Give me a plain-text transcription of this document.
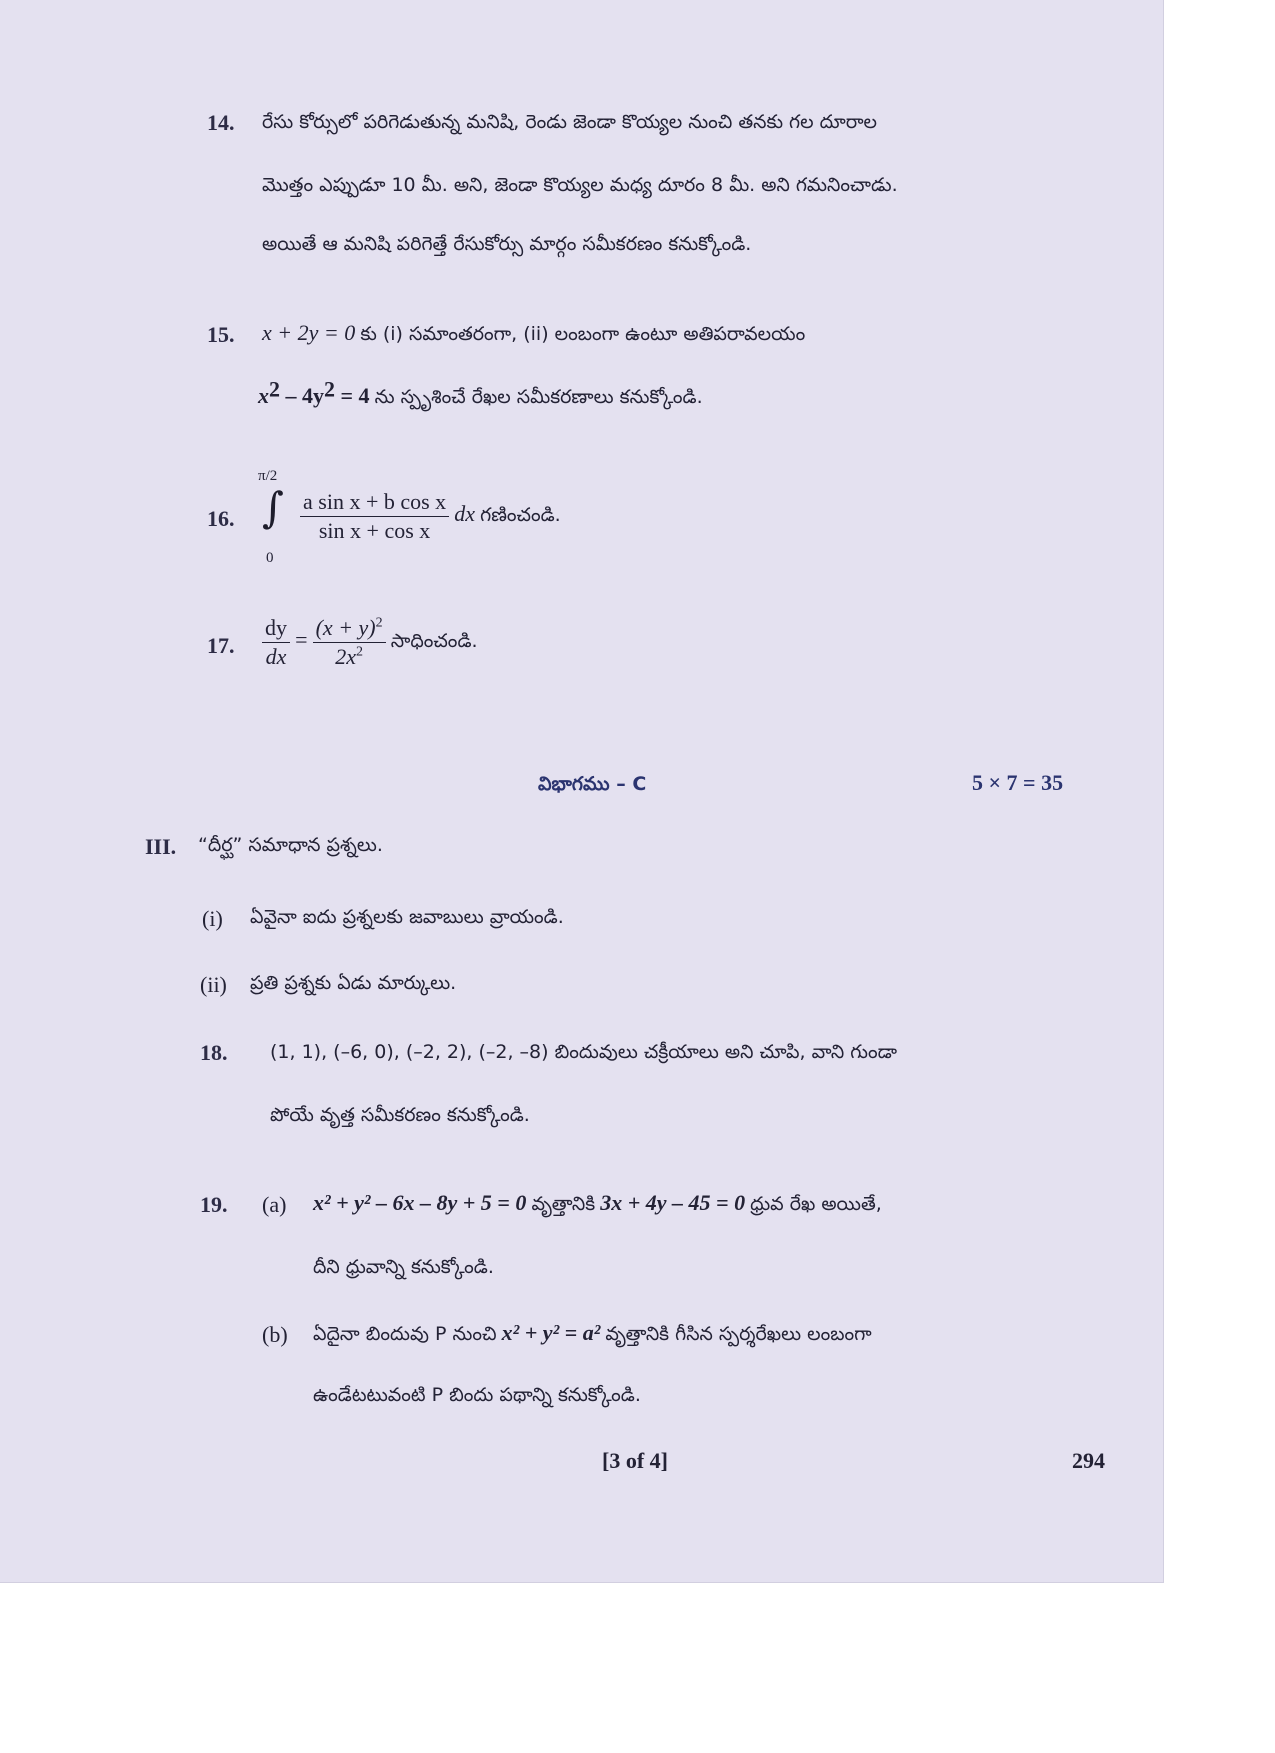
14. రేసు కోర్సులో పరిగెడుతున్న మనిషి, రెండు జెండా కొయ్యల నుంచి తనకు గల దూరాల
మొత్తం ఎప్పుడూ 10 మీ. అని, జెండా కొయ్యల మధ్య దూరం 8 మీ. అని గమనించాడు.
అయితే ఆ మనిషి పరిగెత్తే రేసుకోర్సు మార్గం సమీకరణం కనుక్కోండి.
15. x + 2y = 0 కు (i) సమాంతరంగా, (ii) లంబంగా ఉంటూ అతిపరావలయం
$x^2 - 4y^2 = 4$ ను స్పృశించే రేఖల సమీకరణాలు కనుక్కోండి.
16.
π/2
∫
0
$\frac{\text{a sin x + b cos x}}{\text{sin x + cos x}}$ dx గణించండి.
17. $\frac{dy}{dx} = \frac{(x + y)^2}{2x^2}$ సాధించండి.
విభాగము – C	5 × 7 = 35
III. “దీర్ఘ” సమాధాన ప్రశ్నలు.
(i) ఏవైనా ఐదు ప్రశ్నలకు జవాబులు వ్రాయండి.
(ii) ప్రతి ప్రశ్నకు ఏడు మార్కులు.
18. (1, 1), (–6, 0), (–2, 2), (–2, –8) బిందువులు చక్రీయాలు అని చూపి, వాని గుండా
పోయే వృత్త సమీకరణం కనుక్కోండి.
19. (a) x² + y² – 6x – 8y + 5 = 0 వృత్తానికి 3x + 4y – 45 = 0 ధ్రువ రేఖ అయితే,
దీని ధ్రువాన్ని కనుక్కోండి.
(b) ఏదైనా బిందువు P నుంచి x² + y² = a² వృత్తానికి గీసిన స్పర్శరేఖలు లంబంగా
ఉండేటటువంటి P బిందు పథాన్ని కనుక్కోండి.
[3 of 4]	294
